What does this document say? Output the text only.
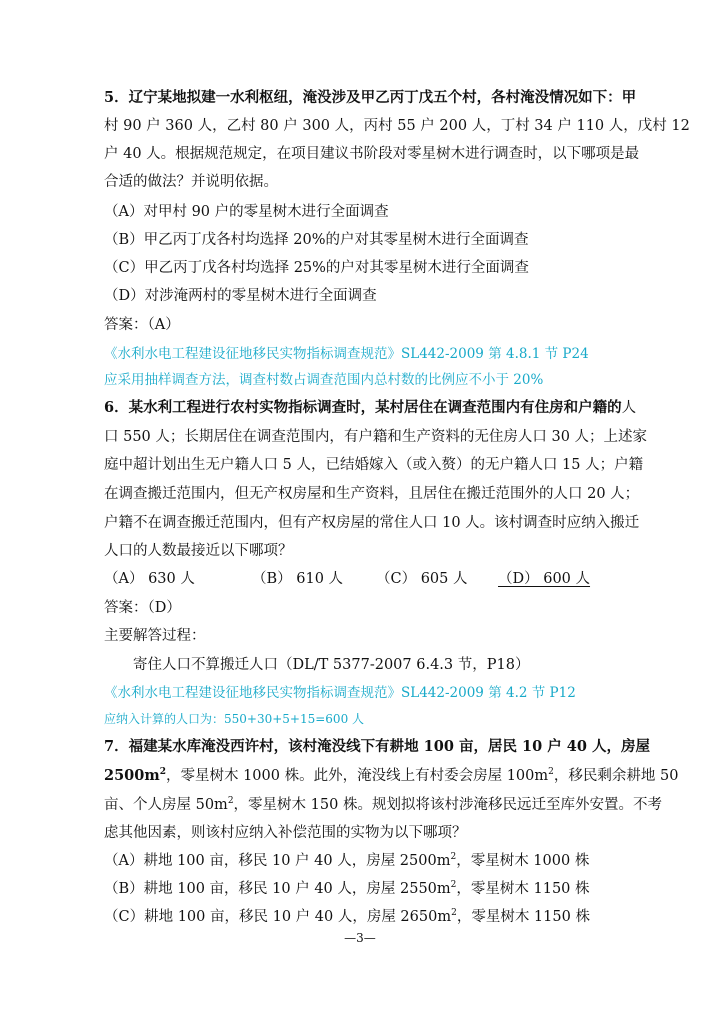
5．辽宁某地拟建一水利枢纽，淹没涉及甲乙丙丁戊五个村，各村淹没情况如下：甲
村 90 户 360 人，乙村 80 户 300 人，丙村 55 户 200 人，丁村 34 户 110 人，戊村 12
户 40 人。根据规范规定，在项目建议书阶段对零星树木进行调查时，以下哪项是最
合适的做法？并说明依据。
（A）对甲村 90 户的零星树木进行全面调查
（B）甲乙丙丁戊各村均选择 20%的户对其零星树木进行全面调查
（C）甲乙丙丁戊各村均选择 25%的户对其零星树木进行全面调查
（D）对涉淹两村的零星树木进行全面调查
答案：（A）
《水利水电工程建设征地移民实物指标调查规范》SL442-2009 第 4.8.1 节 P24
应采用抽样调查方法，调查村数占调查范围内总村数的比例应不小于 20%
6．某水利工程进行农村实物指标调查时，某村居住在调查范围内有住房和户籍的人
口 550 人；长期居住在调查范围内，有户籍和生产资料的无住房人口 30 人；上述家
庭中超计划出生无户籍人口 5 人，已结婚嫁入（或入赘）的无户籍人口 15 人；户籍
在调查搬迁范围内，但无产权房屋和生产资料，且居住在搬迁范围外的人口 20 人；
户籍不在调查搬迁范围内，但有产权房屋的常住人口 10 人。该村调查时应纳入搬迁
人口的人数最接近以下哪项？
（A） 630 人	（B） 610 人 （C） 605 人 （D） 600 人
答案：（D）
主要解答过程：
寄住人口不算搬迁人口（DL/T 5377-2007 6.4.3 节，P18）
《水利水电工程建设征地移民实物指标调查规范》SL442-2009 第 4.2 节 P12
应纳入计算的人口为：550+30+5+15=600 人
7．福建某水库淹没西许村，该村淹没线下有耕地 100 亩，居民 10 户 40 人，房屋
$2500m^2$，零星树木 1000 株。此外，淹没线上有村委会房屋 $100m^2$，移民剩余耕地 50
亩、个人房屋 $50m^2$，零星树木 150 株。规划拟将该村涉淹移民远迁至库外安置。不考
虑其他因素，则该村应纳入补偿范围的实物为以下哪项？
（A）耕地 100 亩，移民 10 户 40 人，房屋 $2500m^2$，零星树木 1000 株
（B）耕地 100 亩，移民 10 户 40 人，房屋 $2550m^2$，零星树木 1150 株
（C）耕地 100 亩，移民 10 户 40 人，房屋 $2650m^2$，零星树木 1150 株
—3—
